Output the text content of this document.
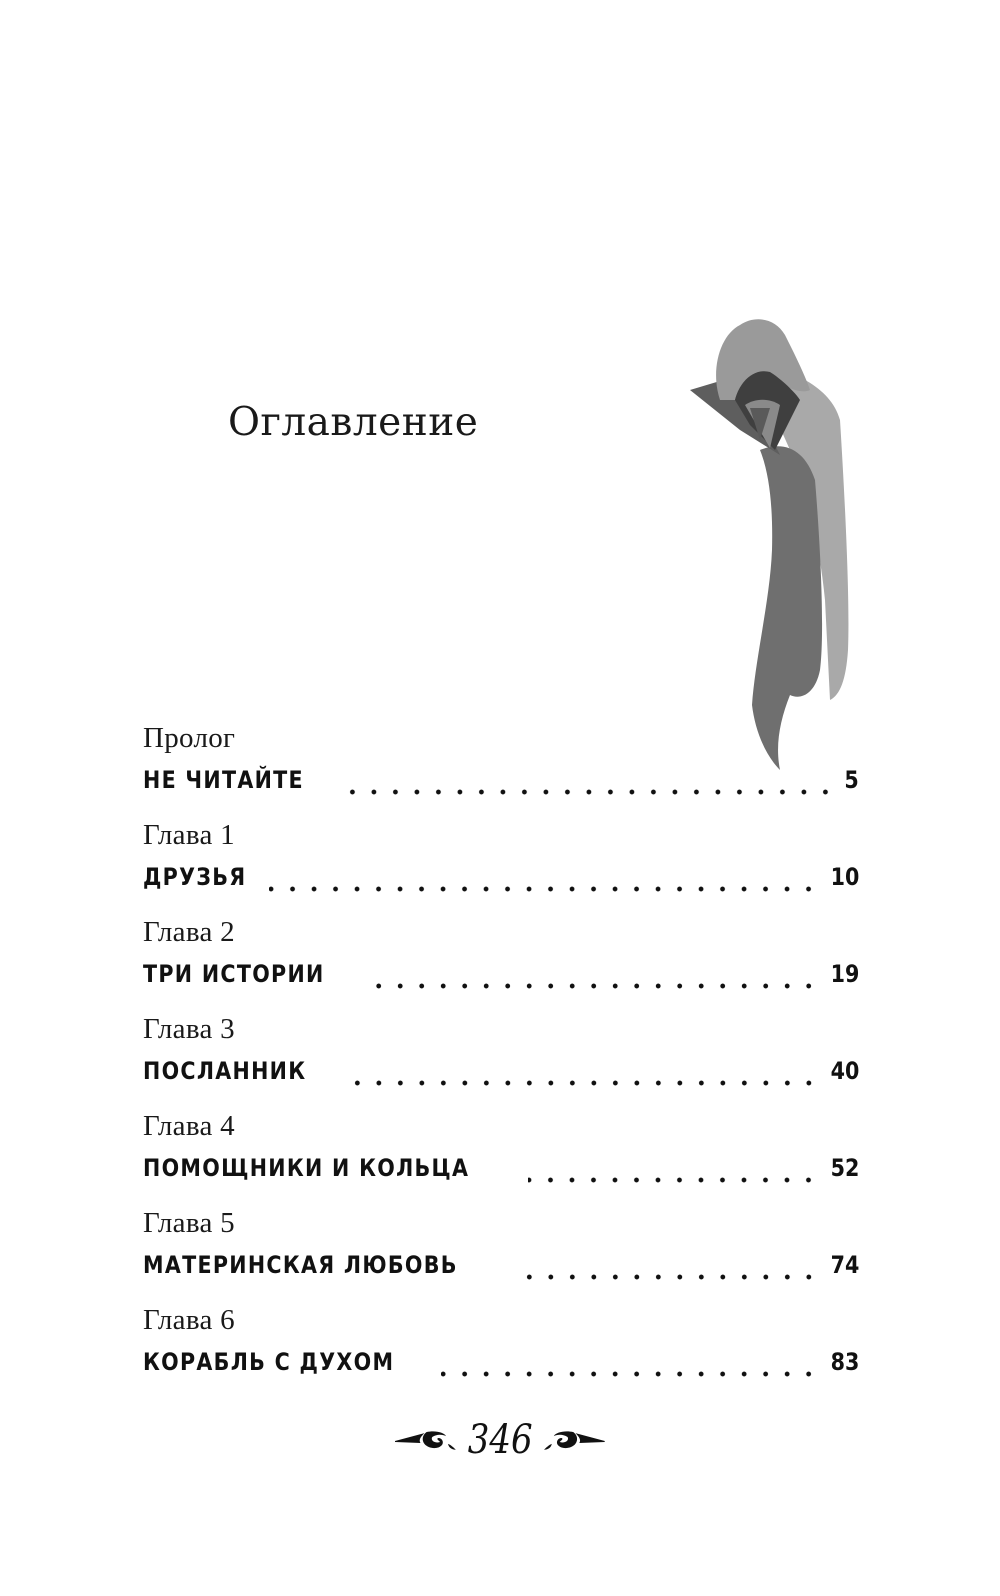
Оглавление
Пролог
НЕ ЧИТАЙТЕ	5
Глава 1
ДРУЗЬЯ	10
Глава 2
ТРИ ИСТОРИИ	19
Глава 3
ПОСЛАННИК	40
Глава 4
ПОМОЩНИКИ И КОЛЬЦА	52
Глава 5
МАТЕРИНСКАЯ ЛЮБОВЬ	74
Глава 6
КОРАБЛЬ С ДУХОМ	83
346
